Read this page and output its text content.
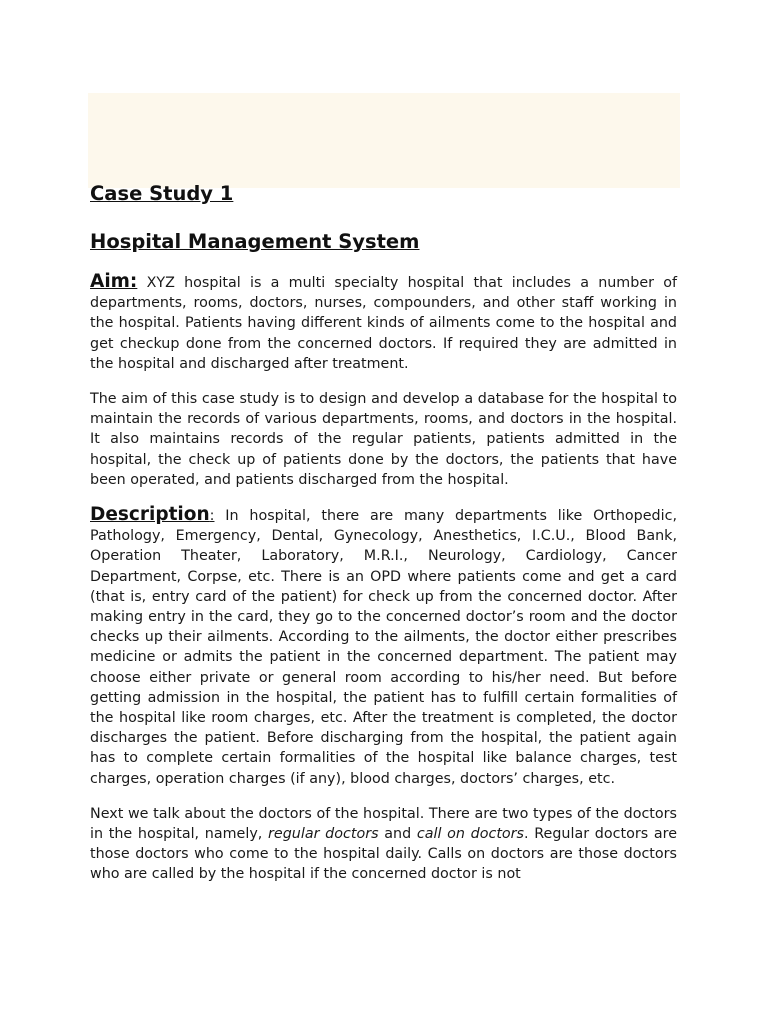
Case Study 1
Hospital Management System

Aim: XYZ hospital is a multi specialty hospital that includes a number of departments, rooms, doctors, nurses, compounders, and other staff working in the hospital. Patients having different kinds of ailments come to the hospital and get checkup done from the concerned doctors. If required they are admitted in the hospital and discharged after treatment.

The aim of this case study is to design and develop a database for the hospital to maintain the records of various departments, rooms, and doctors in the hospital. It also maintains records of the regular patients, patients admitted in the hospital, the check up of patients done by the doctors, the patients that have been operated, and patients discharged from the hospital.

Description: In hospital, there are many departments like Orthopedic, Pathology, Emergency, Dental, Gynecology, Anesthetics, I.C.U., Blood Bank, Operation Theater, Laboratory, M.R.I., Neurology, Cardiology, Cancer Department, Corpse, etc. There is an OPD where patients come and get a card (that is, entry card of the patient) for check up from the concerned doctor. After making entry in the card, they go to the concerned doctor’s room and the doctor checks up their ailments. According to the ailments, the doctor either prescribes medicine or admits the patient in the concerned department. The patient may choose either private or general room according to his/her need. But before getting admission in the hospital, the patient has to fulfill certain formalities of the hospital like room charges, etc. After the treatment is completed, the doctor discharges the patient. Before discharging from the hospital, the patient again has to complete certain formalities of the hospital like balance charges, test charges, operation charges (if any), blood charges, doctors’ charges, etc.

Next we talk about the doctors of the hospital. There are two types of the doctors in the hospital, namely, regular doctors and call on doctors. Regular doctors are those doctors who come to the hospital daily. Calls on doctors are those doctors who are called by the hospital if the concerned doctor is not
